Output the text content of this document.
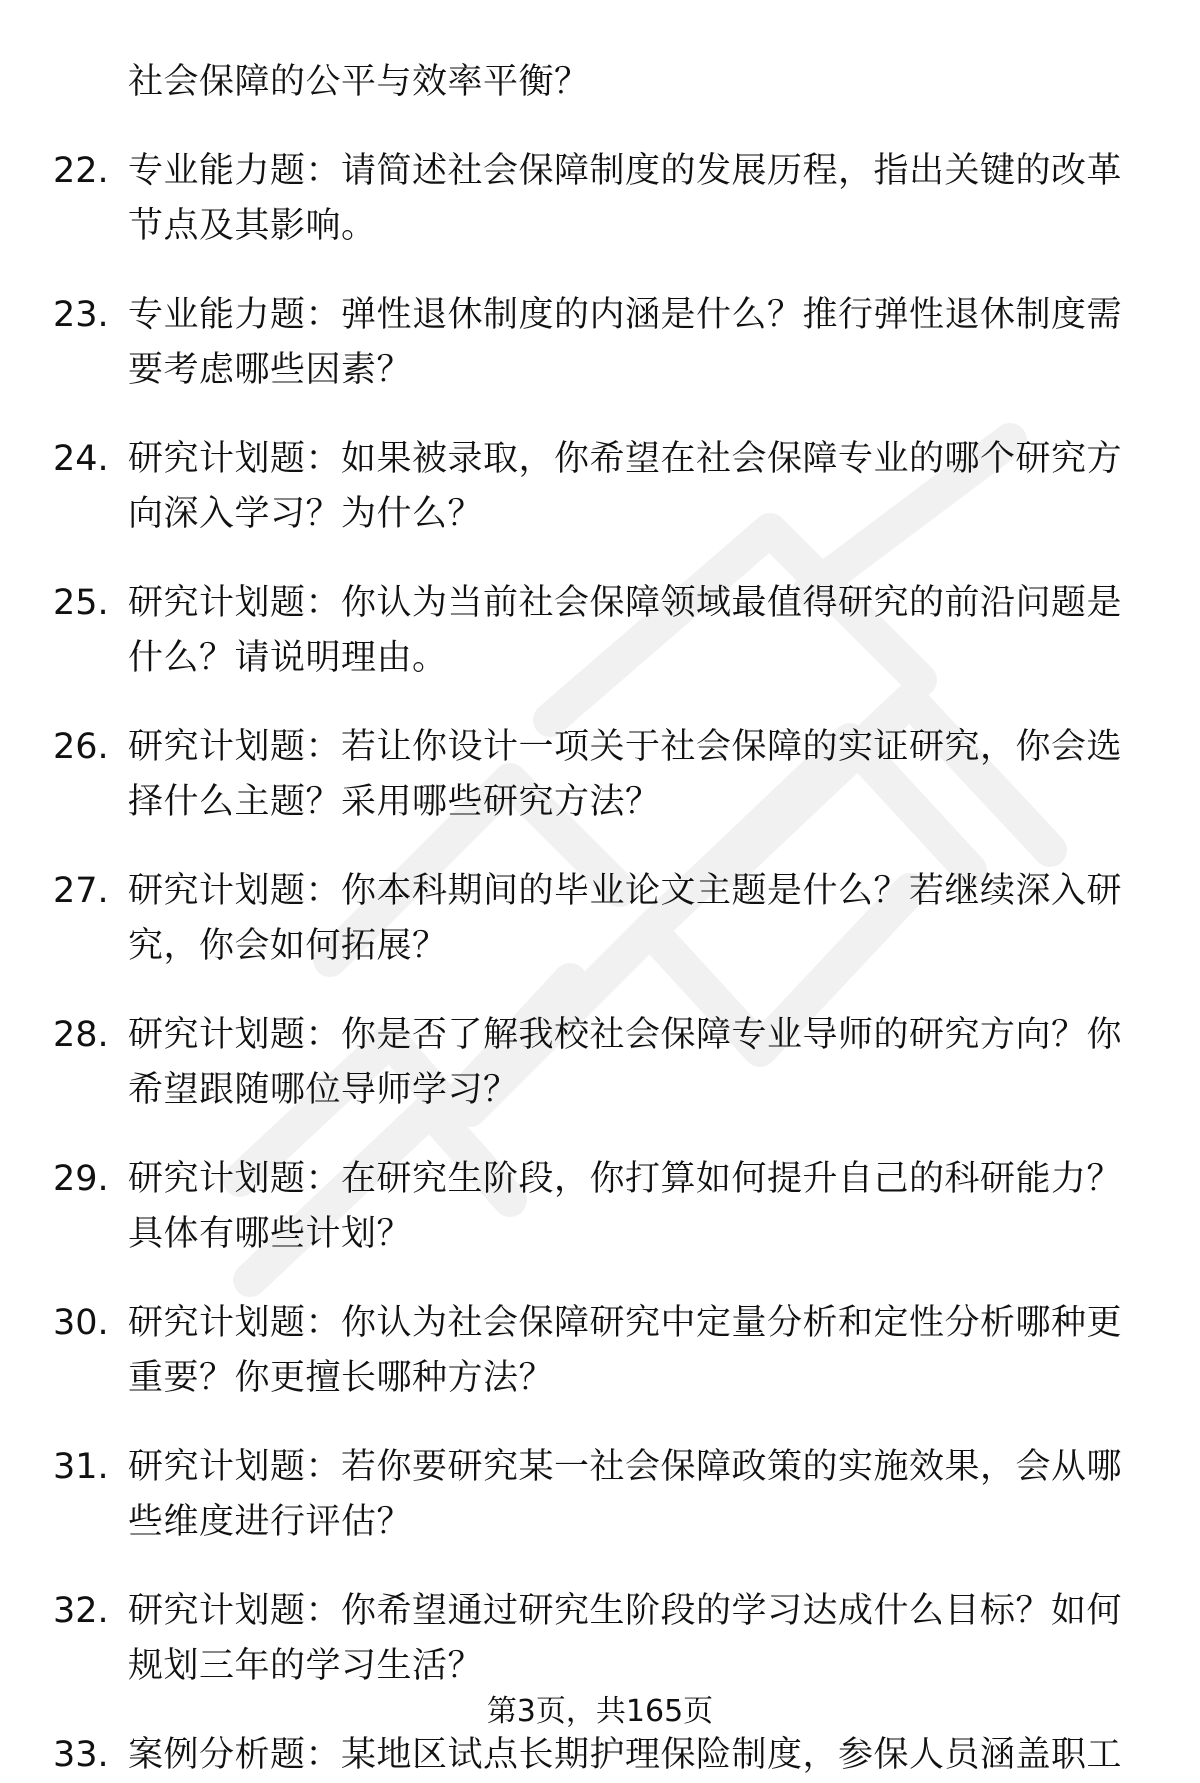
社会保障的公平与效率平衡？
22. 专业能力题：请简述社会保障制度的发展历程，指出关键的改革节点及其影响。
23. 专业能力题：弹性退休制度的内涵是什么？推行弹性退休制度需要考虑哪些因素？
24. 研究计划题：如果被录取，你希望在社会保障专业的哪个研究方向深入学习？为什么？
25. 研究计划题：你认为当前社会保障领域最值得研究的前沿问题是什么？请说明理由。
26. 研究计划题：若让你设计一项关于社会保障的实证研究，你会选择什么主题？采用哪些研究方法？
27. 研究计划题：你本科期间的毕业论文主题是什么？若继续深入研究，你会如何拓展？
28. 研究计划题：你是否了解我校社会保障专业导师的研究方向？你希望跟随哪位导师学习？
29. 研究计划题：在研究生阶段，你打算如何提升自己的科研能力？具体有哪些计划？
30. 研究计划题：你认为社会保障研究中定量分析和定性分析哪种更重要？你更擅长哪种方法？
31. 研究计划题：若你要研究某一社会保障政策的实施效果，会从哪些维度进行评估？
32. 研究计划题：你希望通过研究生阶段的学习达成什么目标？如何规划三年的学习生活？
33. 案例分析题：某地区试点长期护理保险制度，参保人员涵盖职工
第3页，共165页
